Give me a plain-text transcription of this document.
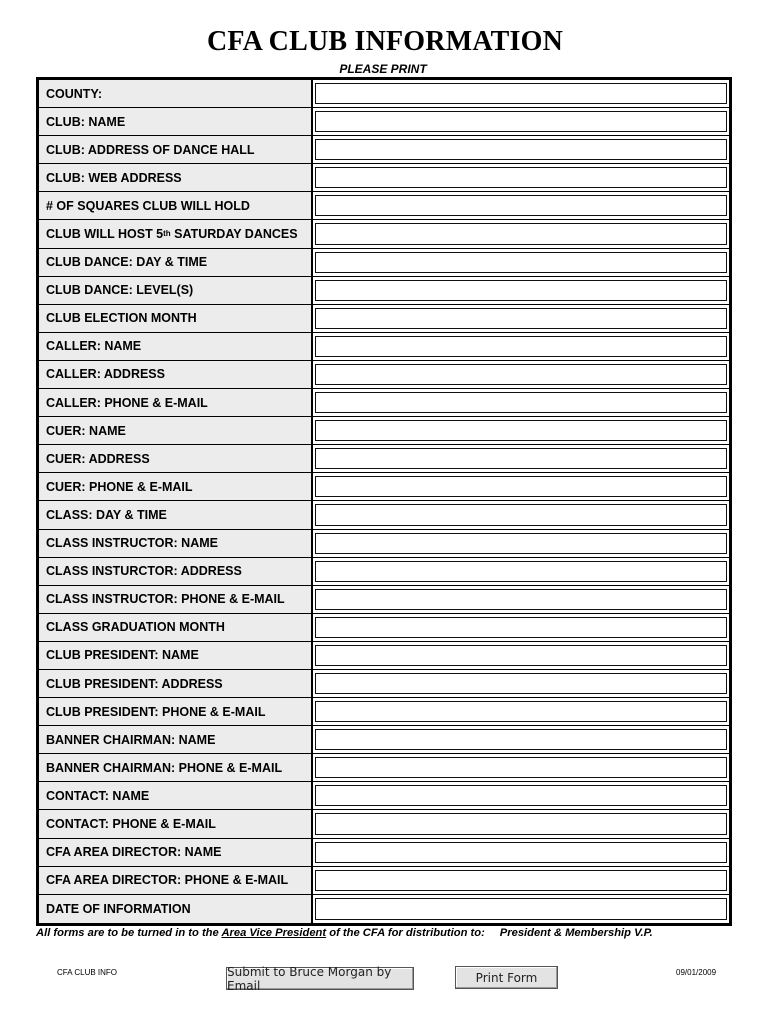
CFA CLUB INFORMATION
PLEASE PRINT
COUNTY:
CLUB: NAME
CLUB: ADDRESS OF DANCE HALL
CLUB: WEB ADDRESS
# OF SQUARES CLUB WILL HOLD
CLUB WILL HOST 5th SATURDAY DANCES
CLUB DANCE: DAY & TIME
CLUB DANCE: LEVEL(S)
CLUB ELECTION MONTH
CALLER: NAME
CALLER: ADDRESS
CALLER: PHONE & E-MAIL
CUER: NAME
CUER: ADDRESS
CUER: PHONE & E-MAIL
CLASS: DAY & TIME
CLASS INSTRUCTOR: NAME
CLASS INSTURCTOR: ADDRESS
CLASS INSTRUCTOR: PHONE & E-MAIL
CLASS GRADUATION MONTH
CLUB PRESIDENT: NAME
CLUB PRESIDENT: ADDRESS
CLUB PRESIDENT: PHONE & E-MAIL
BANNER CHAIRMAN: NAME
BANNER CHAIRMAN: PHONE & E-MAIL
CONTACT: NAME
CONTACT: PHONE & E-MAIL
CFA AREA DIRECTOR: NAME
CFA AREA DIRECTOR: PHONE & E-MAIL
DATE OF INFORMATION
All forms are to be turned in to the Area Vice President of the CFA for distribution to: President & Membership V.P.
CFA CLUB INFO	Submit to Bruce Morgan by Email
Print Form	09/01/2009
